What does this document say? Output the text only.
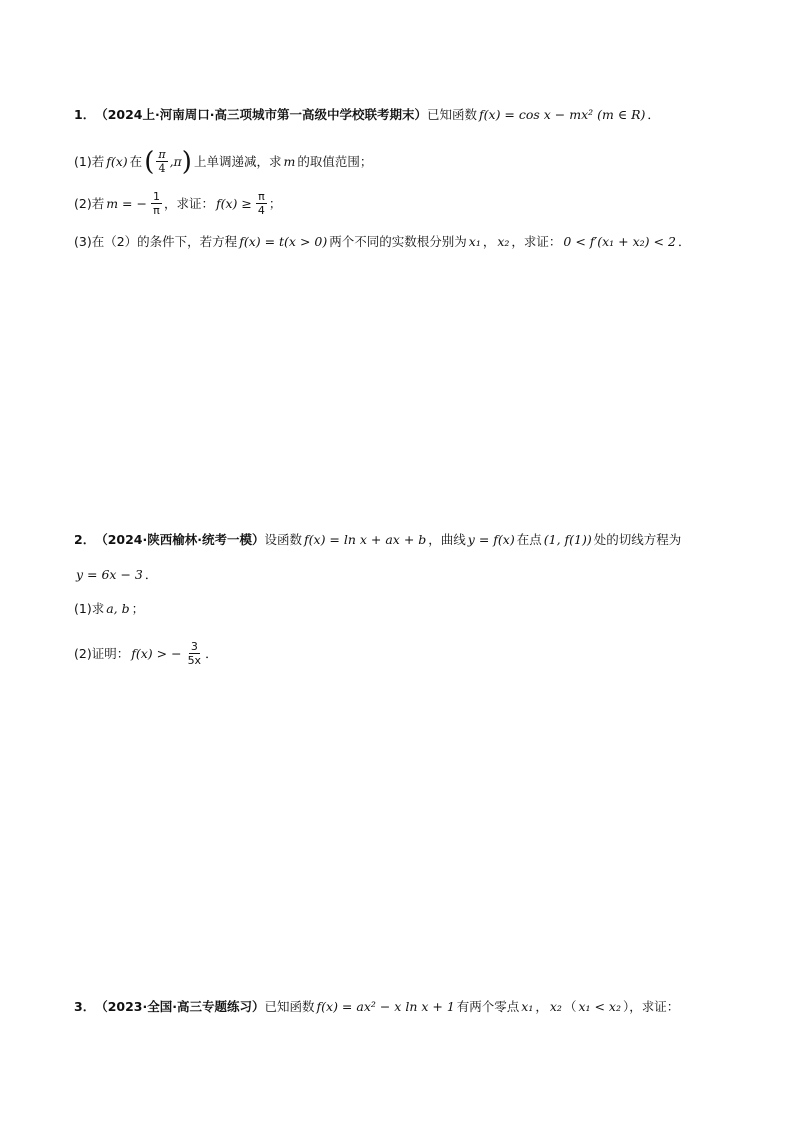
1． （2024上·河南周口·高三项城市第一高级中学校联考期末） 已知函数 f(x) = cos x − mx² (m ∈ R) ．
(1) 若 f(x) 在 ( $\frac{\pi}{4} ,\pi$ ) 上单调递减，求 m 的取值范围；
(2) 若 m = − $\frac{1}{\pi}$ ，求证： $f(x) \ge \frac{\pi}{4}$ ；
(3) 在（2）的条件下，若方程 f(x) = t(x > 0) 两个不同的实数根分别为 x₁ ， x₂ ，求证： 0 < f′(x₁ + x₂) < 2 ．
2． （2024·陕西榆林·统考一模） 设函数 f(x) = ln x + ax + b ，曲线 y = f(x) 在点 (1, f(1)) 处的切线方程为
y = 6x − 3 ．
(1) 求 a, b ；
(2) 证明： f(x) > − $\frac{3}{5x}$ ．
3． （2023·全国·高三专题练习） 已知函数 f(x) = ax² − x ln x + 1 有两个零点 x₁ ， x₂ （ x₁ < x₂ ），求证：
